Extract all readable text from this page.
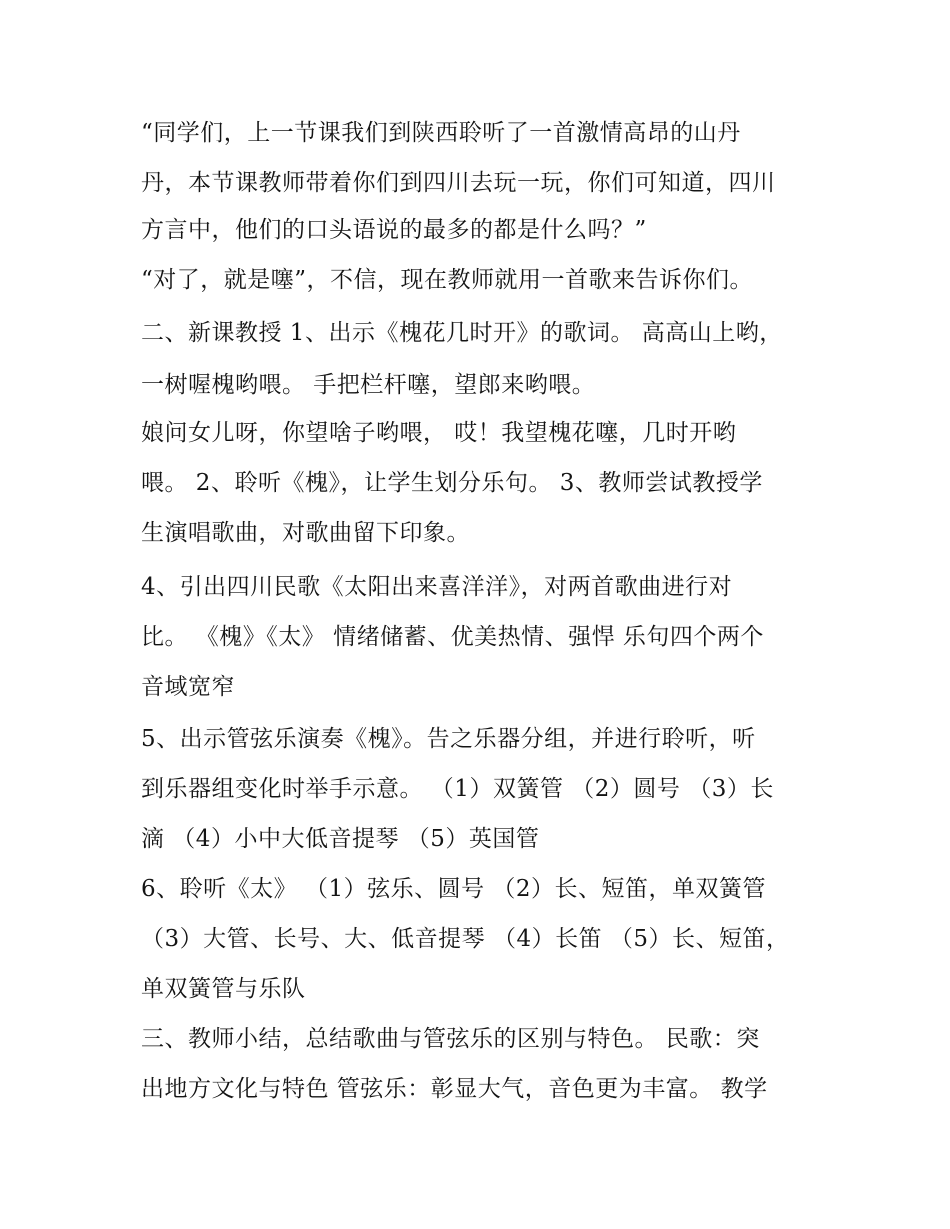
“同学们，上一节课我们到陕西聆听了一首激情高昂的山丹
丹，本节课教师带着你们到四川去玩一玩，你们可知道，四川
方言中，他们的口头语说的最多的都是什么吗？”
“对了，就是噻”，不信，现在教师就用一首歌来告诉你们。
二、新课教授 1、出示《槐花几时开》的歌词。 高高山上哟，
一树喔槐哟喂。 手把栏杆噻，望郎来哟喂。
娘问女儿呀，你望啥子哟喂， 哎！我望槐花噻，几时开哟
喂。 2、聆听《槐》，让学生划分乐句。 3、教师尝试教授学
生演唱歌曲，对歌曲留下印象。
4、引出四川民歌《太阳出来喜洋洋》，对两首歌曲进行对
比。 《槐》《太》 情绪储蓄、优美热情、强悍 乐句四个两个
音域宽窄
5、出示管弦乐演奏《槐》。告之乐器分组，并进行聆听，听
到乐器组变化时举手示意。 （1）双簧管 （2）圆号 （3）长
滴 （4）小中大低音提琴 （5）英国管
6、聆听《太》 （1）弦乐、圆号 （2）长、短笛，单双簧管
（3）大管、长号、大、低音提琴 （4）长笛 （5）长、短笛，
单双簧管与乐队
三、教师小结，总结歌曲与管弦乐的区别与特色。 民歌：突
出地方文化与特色 管弦乐：彰显大气，音色更为丰富。 教学
